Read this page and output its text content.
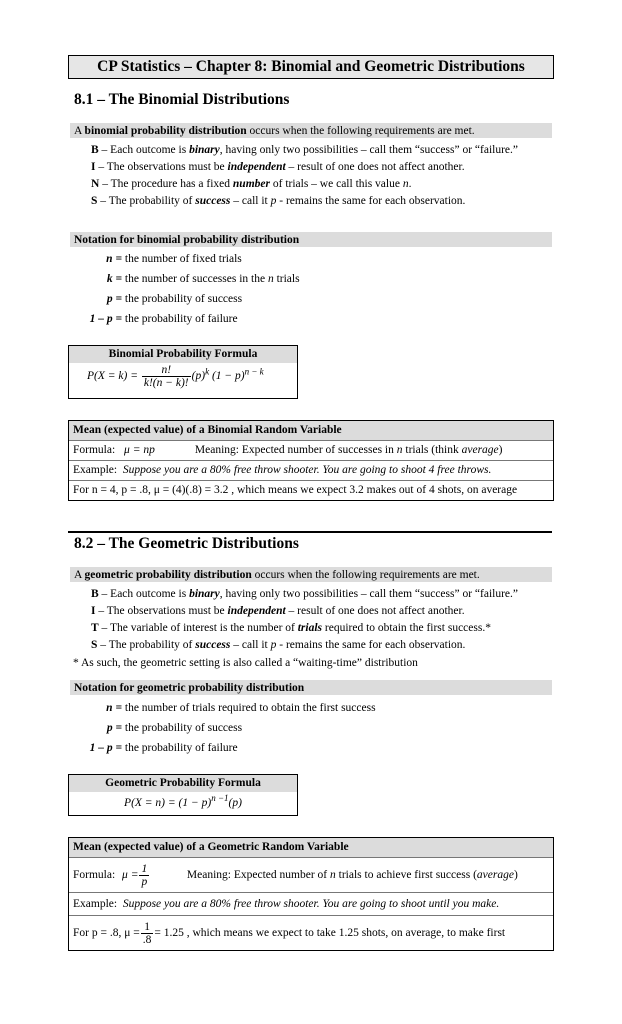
CP Statistics – Chapter 8: Binomial and Geometric Distributions
8.1 – The Binomial Distributions
A binomial probability distribution occurs when the following requirements are met.
B – Each outcome is binary, having only two possibilities – call them “success” or “failure.”
I – The observations must be independent – result of one does not affect another.
N – The procedure has a fixed number of trials – we call this value n.
S – The probability of success – call it p - remains the same for each observation.
Notation for binomial probability distribution
n = the number of fixed trials
k = the number of successes in the n trials
p = the probability of success
1 – p = the probability of failure
Binomial Probability Formula
$P(X = k) = \frac{n!}{k!(n - k)!} (p)^k$ $(1 - p)^{n - k}$
Mean (expected value) of a Binomial Random Variable
Formula: μ = np	Meaning: Expected number of successes in n trials (think average)
Example: Suppose you are a 80% free throw shooter. You are going to shoot 4 free throws.
For n = 4, p = .8, μ = (4)(.8) = 3.2 , which means we expect 3.2 makes out of 4 shots, on average
8.2 – The Geometric Distributions
A geometric probability distribution occurs when the following requirements are met.
B – Each outcome is binary, having only two possibilities – call them “success” or “failure.”
I – The observations must be independent – result of one does not affect another.
T – The variable of interest is the number of trials required to obtain the first success.*
S – The probability of success – call it p - remains the same for each observation.
* As such, the geometric setting is also called a “waiting-time” distribution
Notation for geometric probability distribution
n = the number of trials required to obtain the first success
p = the probability of success
1 – p = the probability of failure
Geometric Probability Formula
$P(X = n) = (1 - p)^{n -1}(p)$
Mean (expected value) of a Geometric Random Variable
Formula: $\mu = \frac{1}{p}$	Meaning: Expected number of n trials to achieve first success (average)
Example: Suppose you are a 80% free throw shooter. You are going to shoot until you make.
For p = .8, $\mu = \frac{1}{.8} = 1.25$ , which means we expect to take 1.25 shots, on average, to make first
